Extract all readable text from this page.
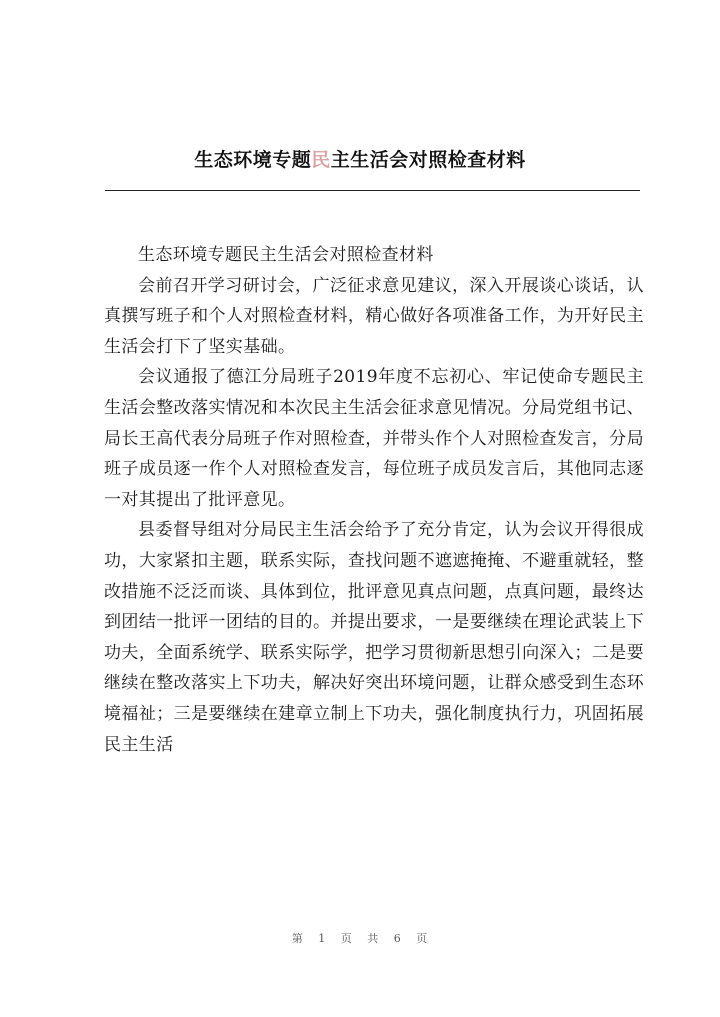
生态环境专题民主生活会对照检查材料

生态环境专题民主生活会对照检查材料

会前召开学习研讨会，广泛征求意见建议，深入开展谈心谈话，认真撰写班子和个人对照检查材料，精心做好各项准备工作，为开好民主生活会打下了坚实基础。

会议通报了德江分局班子2019年度不忘初心、牢记使命专题民主生活会整改落实情况和本次民主生活会征求意见情况。分局党组书记、局长王高代表分局班子作对照检查，并带头作个人对照检查发言，分局班子成员逐一作个人对照检查发言，每位班子成员发言后，其他同志逐一对其提出了批评意见。

县委督导组对分局民主生活会给予了充分肯定，认为会议开得很成功，大家紧扣主题，联系实际，查找问题不遮遮掩掩、不避重就轻，整改措施不泛泛而谈、具体到位，批评意见真点问题，点真问题，最终达到团结一批评一团结的目的。并提出要求，一是要继续在理论武装上下功夫，全面系统学、联系实际学，把学习贯彻新思想引向深入；二是要继续在整改落实上下功夫，解决好突出环境问题，让群众感受到生态环境福祉；三是要继续在建章立制上下功夫，强化制度执行力，巩固拓展民主生活

第 1 页 共 6 页
